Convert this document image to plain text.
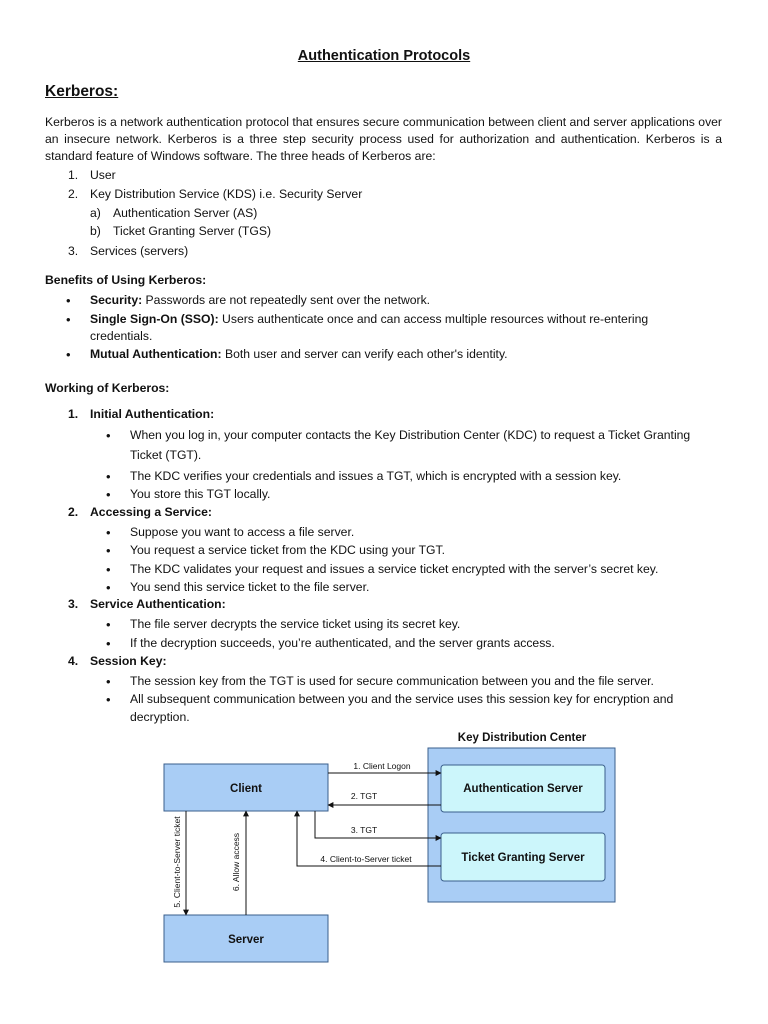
Authentication Protocols
Kerberos:

Kerberos is a network authentication protocol that ensures secure communication between client and server applications over an insecure network. Kerberos is a three step security process used for authorization and authentication. Kerberos is a standard feature of Windows software. The three heads of Kerberos are:

1. User
2. Key Distribution Service (KDS) i.e. Security Server
a) Authentication Server (AS)
b) Ticket Granting Server (TGS)
3. Services (servers)
Benefits of Using Kerberos:
• Security: Passwords are not repeatedly sent over the network.
• Single Sign-On (SSO): Users authenticate once and can access multiple resources without re-entering
credentials.
• Mutual Authentication: Both user and server can verify each other's identity.
Working of Kerberos:
1. Initial Authentication:
• When you log in, your computer contacts the Key Distribution Center (KDC) to request a Ticket Granting
Ticket (TGT).
• The KDC verifies your credentials and issues a TGT, which is encrypted with a session key.
• You store this TGT locally.
2. Accessing a Service:
• Suppose you want to access a file server.
• You request a service ticket from the KDC using your TGT.
• The KDC validates your request and issues a service ticket encrypted with the server’s secret key.
• You send this service ticket to the file server.
3. Service Authentication:
• The file server decrypts the service ticket using its secret key.
• If the decryption succeeds, you’re authenticated, and the server grants access.
4. Session Key:
• The session key from the TGT is used for secure communication between you and the file server.
• All subsequent communication between you and the service uses this session key for encryption and
decryption.
Key Distribution Center
Authentication Server
Ticket Granting Server
Client
Server
1. Client Logon
2. TGT
3. TGT
4. Client-to-Server ticket
5. Client-to-Server ticket	6. Allow access
